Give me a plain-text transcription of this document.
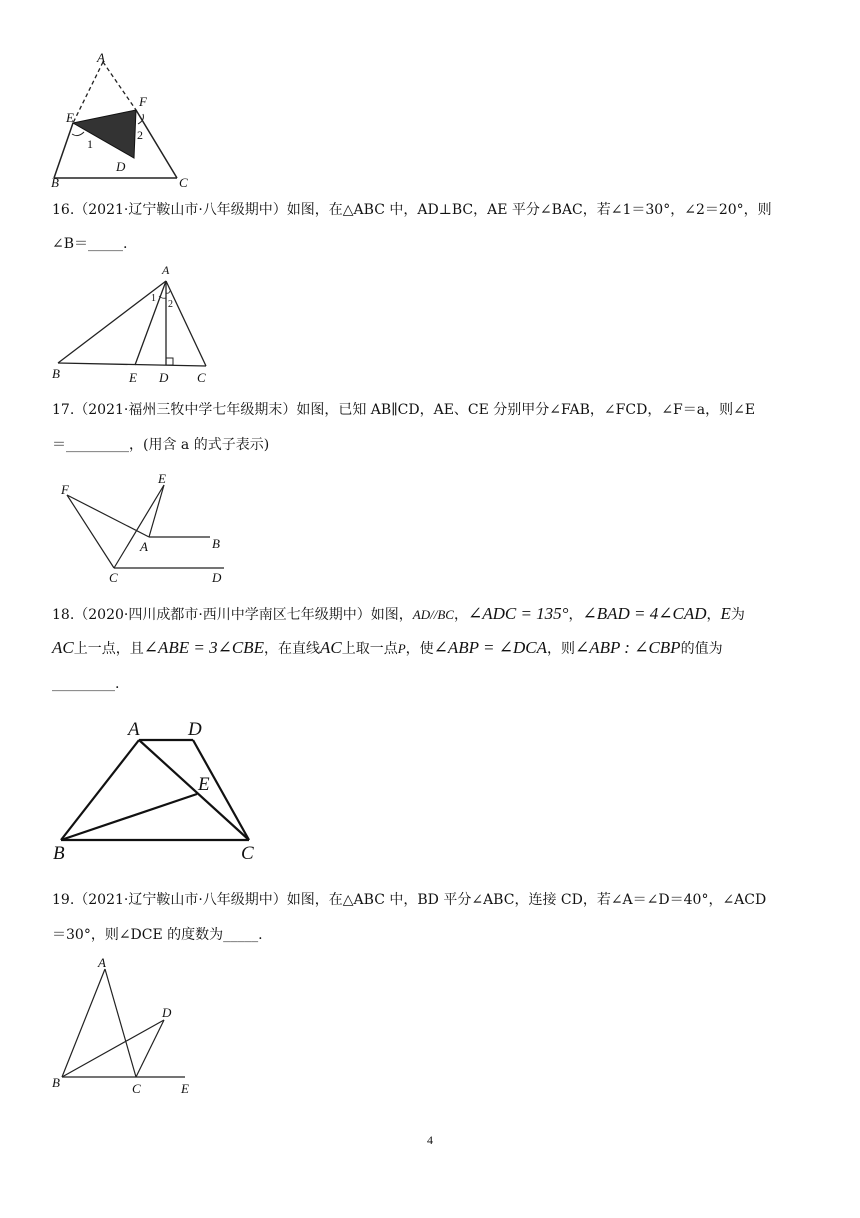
A
F
E
2
1
D
B	C
16.（2021·辽宁鞍山市·八年级期中）如图，在△ABC 中，AD⊥BC，AE 平分∠BAC，若∠1＝30°，∠2＝20°，则
∠B＝_____.
A
1
2
B	E D C
17.（2021·福州三牧中学七年级期末）如图，已知 AB∥CD，AE、CE 分别甲分∠FAB，∠FCD，∠F＝a，则∠E
＝_________，(用含 a 的式子表示)
F
E
A	B
C	D
18.（2020·四川成都市·西川中学南区七年级期中）如图，AD//BC，∠ADC = 135°，∠BAD = 4∠CAD，E为
AC上一点，且∠ABE = 3∠CBE，在直线AC上取一点P，使∠ABP = ∠DCA，则∠ABP : ∠CBP的值为
_________.
A	D
E
B	C
19.（2021·辽宁鞍山市·八年级期中）如图，在△ABC 中，BD 平分∠ABC，连接 CD，若∠A＝∠D＝40°，∠ACD
＝30°，则∠DCE 的度数为_____.
A
D
B	C	E
4
